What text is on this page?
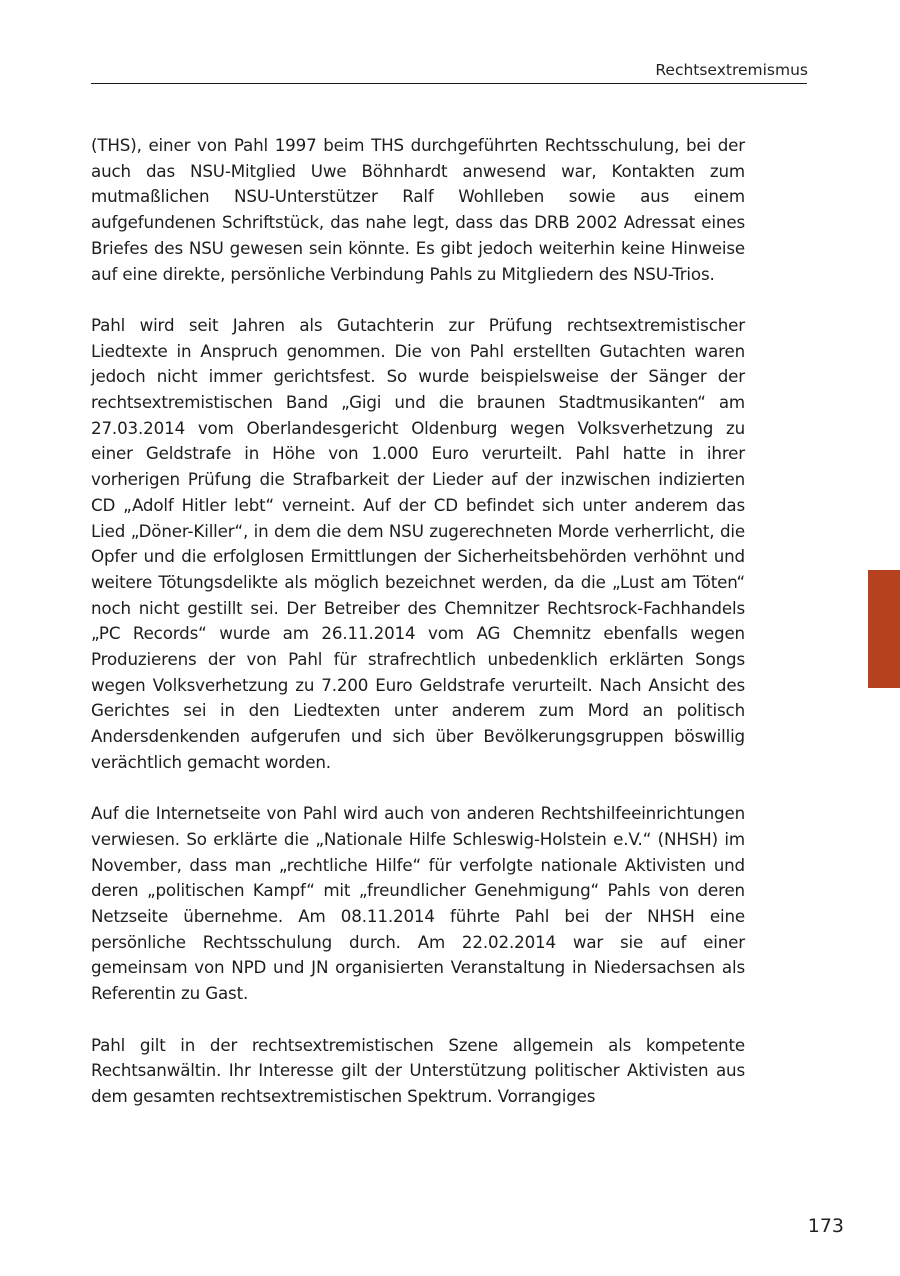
Rechtsextremismus

(THS), einer von Pahl 1997 beim THS durchgeführten Rechtsschulung, bei der auch das NSU-Mitglied Uwe Böhnhardt anwesend war, Kontakten zum mutmaßlichen NSU-Unterstützer Ralf Wohlleben sowie aus einem aufgefundenen Schriftstück, das nahe legt, dass das DRB 2002 Adressat eines Briefes des NSU gewesen sein könnte. Es gibt jedoch weiterhin keine Hinweise auf eine direkte, persönliche Verbindung Pahls zu Mitgliedern des NSU-Trios.

Pahl wird seit Jahren als Gutachterin zur Prüfung rechtsextremistischer Liedtexte in Anspruch genommen. Die von Pahl erstellten Gutachten waren jedoch nicht immer gerichtsfest. So wurde beispielsweise der Sänger der rechtsextremistischen Band „Gigi und die braunen Stadtmusikanten“ am 27.03.2014 vom Oberlandesgericht Oldenburg wegen Volksverhetzung zu einer Geldstrafe in Höhe von 1.000 Euro verurteilt. Pahl hatte in ihrer vorherigen Prüfung die Strafbarkeit der Lieder auf der inzwischen indizierten CD „Adolf Hitler lebt“ verneint. Auf der CD befindet sich unter anderem das Lied „Döner-Killer“, in dem die dem NSU zugerechneten Morde verherrlicht, die Opfer und die erfolglosen Ermittlungen der Sicherheitsbehörden verhöhnt und weitere Tötungsdelikte als möglich bezeichnet werden, da die „Lust am Töten“ noch nicht gestillt sei. Der Betreiber des Chemnitzer Rechtsrock-Fachhandels „PC Records“ wurde am 26.11.2014 vom AG Chemnitz ebenfalls wegen Produzierens der von Pahl für strafrechtlich unbedenklich erklärten Songs wegen Volksverhetzung zu 7.200 Euro Geldstrafe verurteilt. Nach Ansicht des Gerichtes sei in den Liedtexten unter anderem zum Mord an politisch Andersdenkenden aufgerufen und sich über Bevölkerungsgruppen böswillig verächtlich gemacht worden.

Auf die Internetseite von Pahl wird auch von anderen Rechtshilfeeinrichtungen verwiesen. So erklärte die „Nationale Hilfe Schleswig-Holstein e.V.“ (NHSH) im November, dass man „rechtliche Hilfe“ für verfolgte nationale Aktivisten und deren „politischen Kampf“ mit „freundlicher Genehmigung“ Pahls von deren Netzseite übernehme. Am 08.11.2014 führte Pahl bei der NHSH eine persönliche Rechtsschulung durch. Am 22.02.2014 war sie auf einer gemeinsam von NPD und JN organisierten Veranstaltung in Niedersachsen als Referentin zu Gast.

Pahl gilt in der rechtsextremistischen Szene allgemein als kompetente Rechtsanwältin. Ihr Interesse gilt der Unterstützung politischer Aktivisten aus dem gesamten rechtsextremistischen Spektrum. Vorrangiges

173
